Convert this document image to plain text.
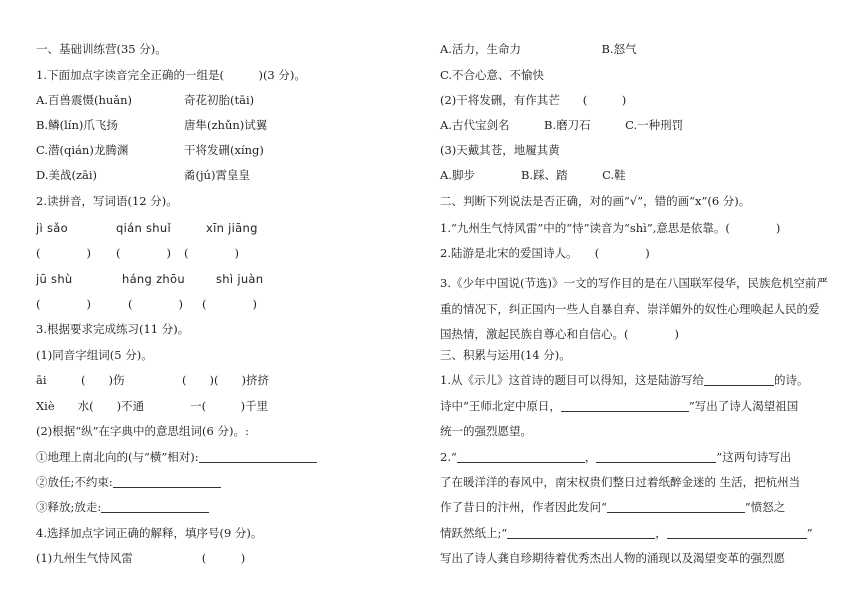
一、基础训练营(35 分)。
1.下面加点字读音完全正确的一组是(　　　)(3 分)。
A.百兽震慑(huǎn)	奇花初胎(tāi)
B.鳞(lín)爪飞扬	唐隼(zhǔn)试翼
C.潜(qián)龙腾渊	干将发硎(xíng)
D.美战(zāi)	矞(jú)霄皇皇
2.读拼音，写词语(12 分)。
jì sǎo	qián shuǐ	xīn jiāng
(　　　　) (　　　　) (　　　　)
jū shù	háng zhōu	shì juàn
(　　　　)	(　　　　) (　　　　)
3.根据要求完成练习(11 分)。
(1)同音字组词(5 分)。
āi　　　(　　)伤　　　　　(　　)(　　)挤挤
Xiè　　水(　　)不通　　　　一(　　　)千里
(2)根据“纵”在字典中的意思组词(6 分)。:
①地理上南北向的(与“横”相对):
②放任;不约束:
③释放;放走:
4.选择加点字词正确的解释，填序号(9 分)。
(1)九州生气恃风雷　　　　　　(　　　)
A.活力，生命力　　　　　　　B.怒气
C.不合心意、不愉快
(2)干将发硎，有作其芒　　(　　　)
A.古代宝剑名　　　B.磨刀石　　　C.一种刑罚
(3)天戴其苍，地履其黄
A.脚步　　　　B.踩、踏　　　C.鞋
二、判断下列说法是否正确，对的画“√”，错的画“x”(6 分)。
1.“九州生气恃风雷”中的“恃”读音为“shì”,意思是依靠。(　　　　)
2.陆游是北宋的爱国诗人。　　(　　　　)
3.《少年中国说(节选)》一文的写作目的是在八国联军侵华，民族危机空前严重的情况下，纠正国内一些人自暴自弃、崇洋媚外的奴性心理唤起人民的爱国热情，激起民族自尊心和自信心。(　　　　)
三、积累与运用(14 分)。
1.从《示儿》这首诗的题目可以得知，这是陆游写给	的诗。
诗中“王师北定中原日，	”写出了诗人渴望祖国
统一的强烈愿望。
2.“	，	”这两句诗写出
了在暖洋洋的春风中，南宋权贵们整日过着纸醉金迷的 生活，把杭州当
作了昔日的汴州，作者因此发问“	”愤怒之
情跃然纸上;“	，	”
写出了诗人龚自珍期待着优秀杰出人物的涌现以及渴望变革的强烈愿
